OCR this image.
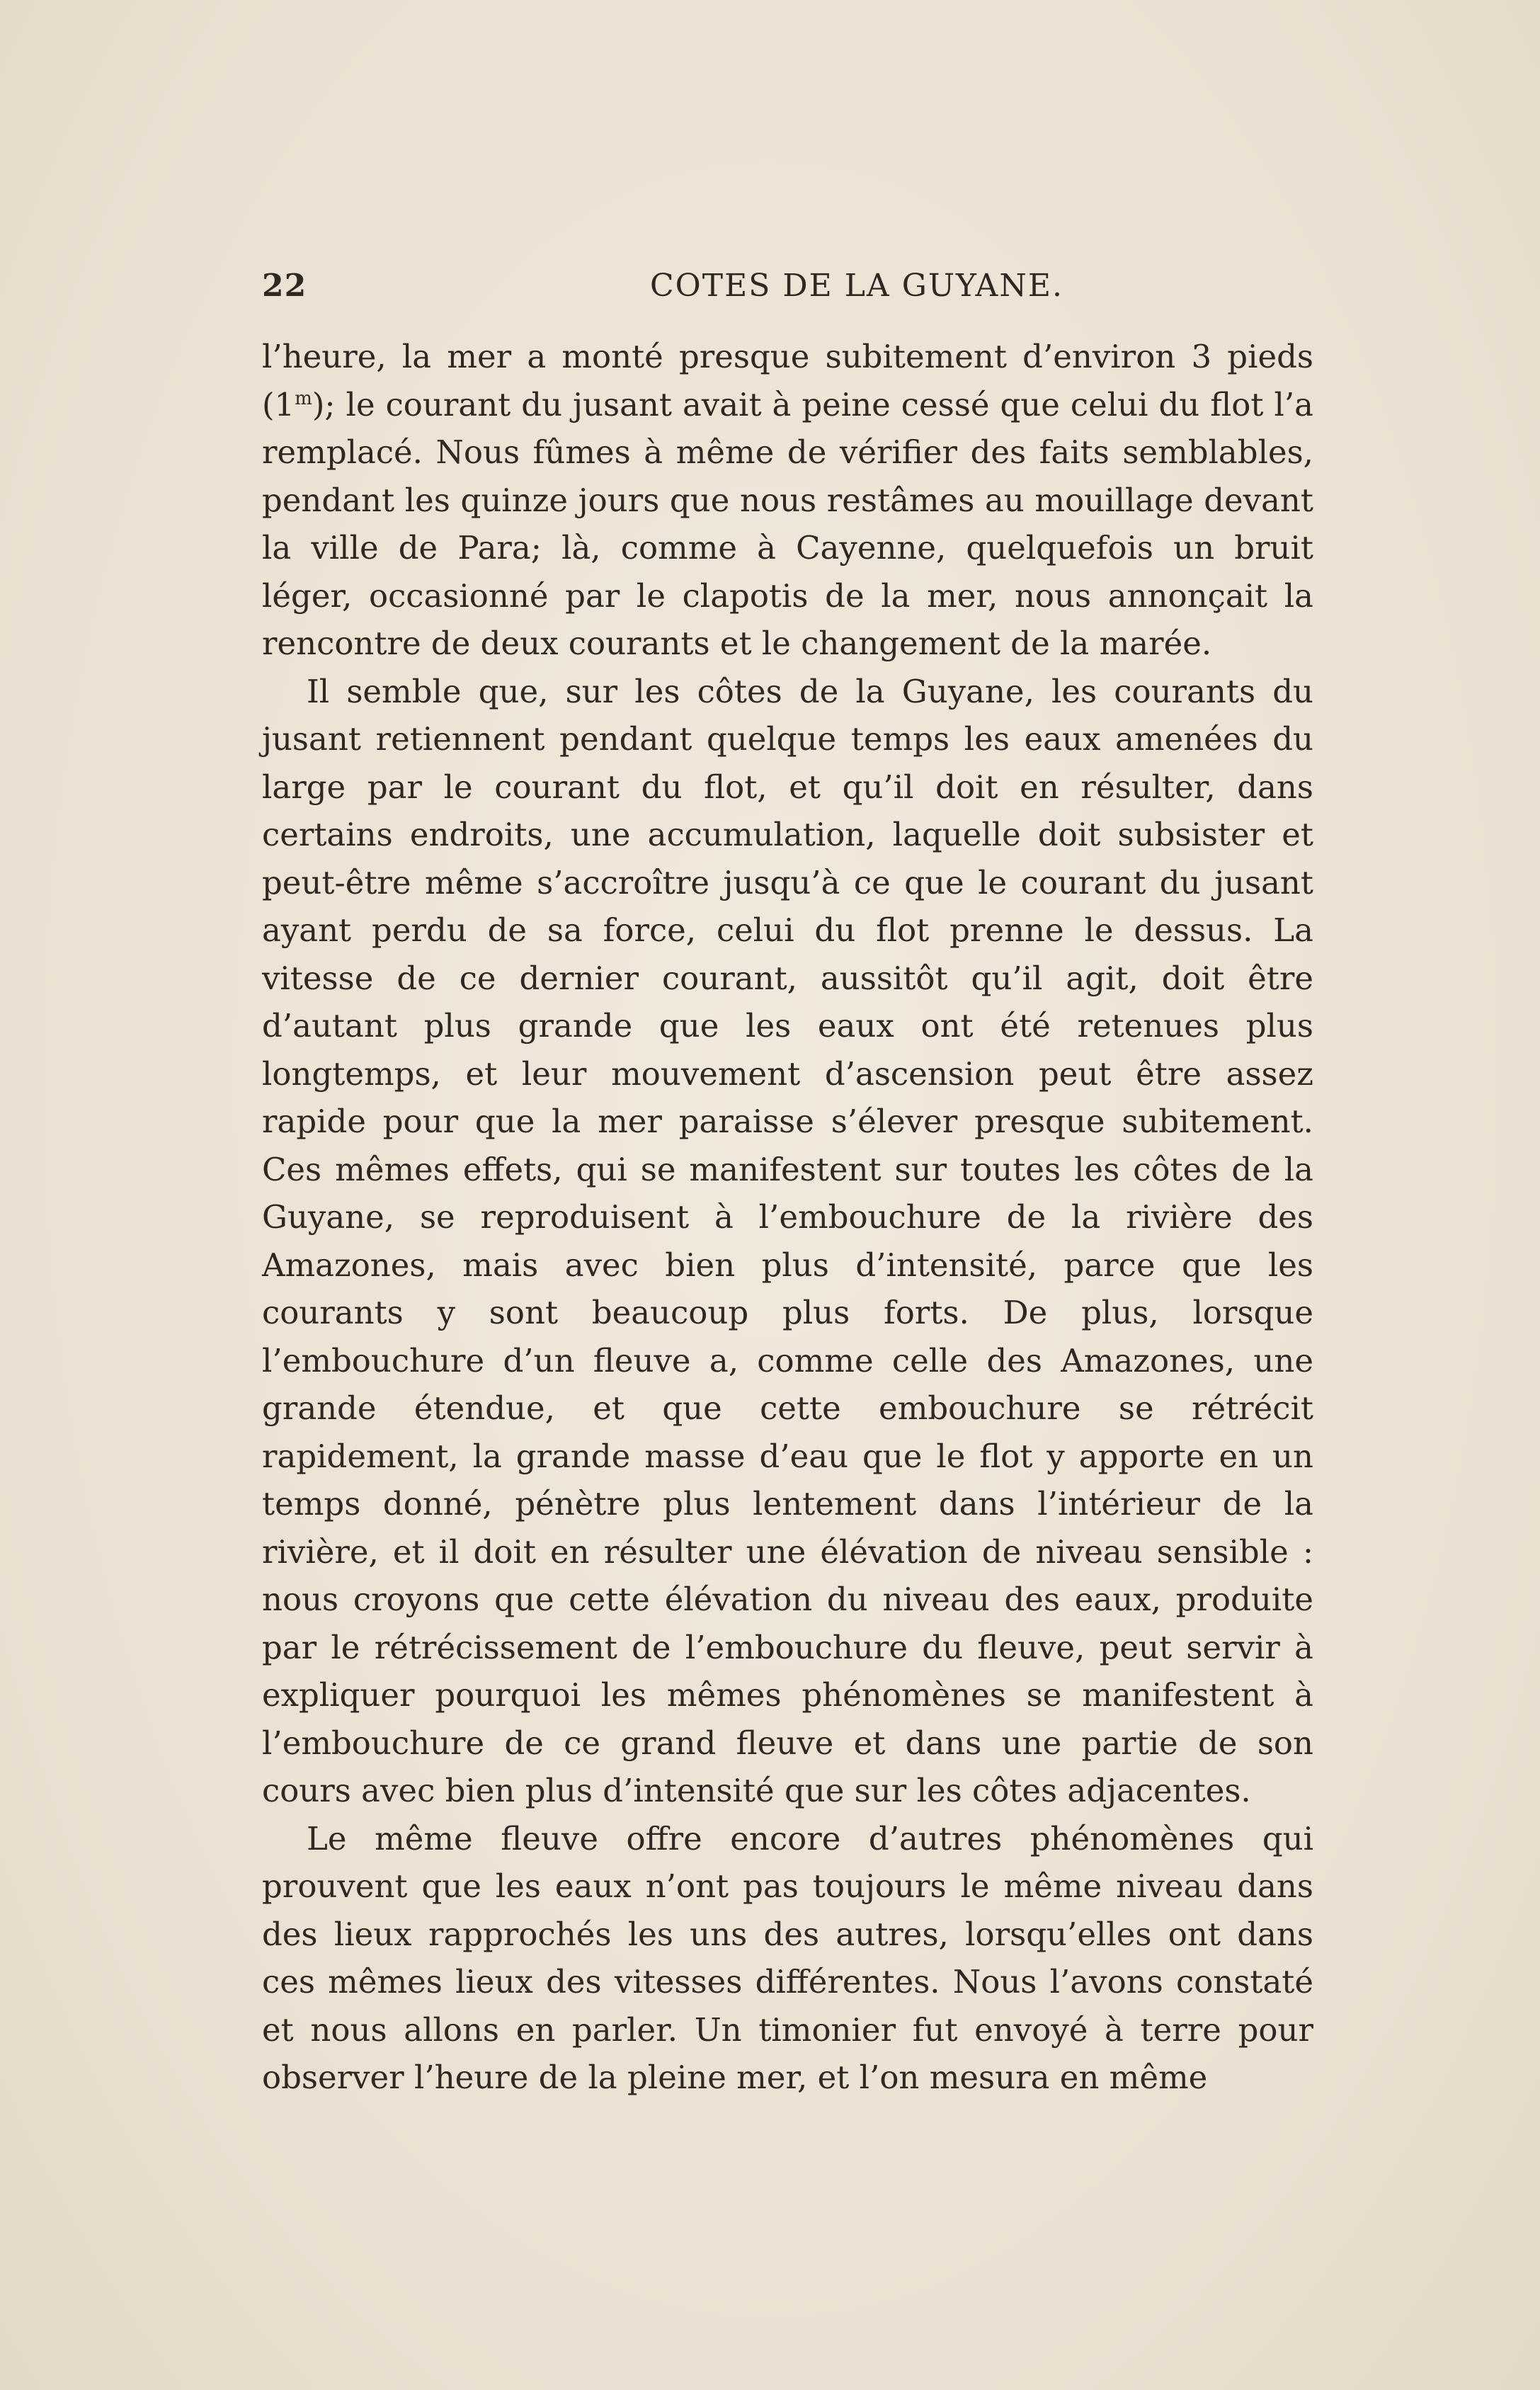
22	COTES DE LA GUYANE.

l’heure, la mer a monté presque subitement d’environ 3 pieds (1$^m$); le courant du jusant avait à peine cessé que celui du flot l’a remplacé. Nous fûmes à même de vérifier des faits semblables, pendant les quinze jours que nous restâmes au mouillage devant la ville de Para; là, comme à Cayenne, quelquefois un bruit léger, occasionné par le clapotis de la mer, nous annonçait la rencontre de deux courants et le changement de la marée.

Il semble que, sur les côtes de la Guyane, les courants du jusant retiennent pendant quelque temps les eaux amenées du large par le courant du flot, et qu’il doit en résulter, dans certains endroits, une accumulation, laquelle doit subsister et peut-être même s’accroître jusqu’à ce que le courant du jusant ayant perdu de sa force, celui du flot prenne le dessus. La vitesse de ce dernier courant, aussitôt qu’il agit, doit être d’autant plus grande que les eaux ont été retenues plus longtemps, et leur mouvement d’ascension peut être assez rapide pour que la mer paraisse s’élever presque subitement. Ces mêmes effets, qui se manifestent sur toutes les côtes de la Guyane, se reproduisent à l’embouchure de la rivière des Amazones, mais avec bien plus d’intensité, parce que les courants y sont beaucoup plus forts. De plus, lorsque l’embouchure d’un fleuve a, comme celle des Amazones, une grande étendue, et que cette embouchure se rétrécit rapidement, la grande masse d’eau que le flot y apporte en un temps donné, pénètre plus lentement dans l’intérieur de la rivière, et il doit en résulter une élévation de niveau sensible : nous croyons que cette élévation du niveau des eaux, produite par le rétrécissement de l’embouchure du fleuve, peut servir à expliquer pourquoi les mêmes phénomènes se manifestent à l’embouchure de ce grand fleuve et dans une partie de son cours avec bien plus d’intensité que sur les côtes adjacentes.

Le même fleuve offre encore d’autres phénomènes qui prouvent que les eaux n’ont pas toujours le même niveau dans des lieux rapprochés les uns des autres, lorsqu’elles ont dans ces mêmes lieux des vitesses différentes. Nous l’avons constaté et nous allons en parler. Un timonier fut envoyé à terre pour observer l’heure de la pleine mer, et l’on mesura en même
